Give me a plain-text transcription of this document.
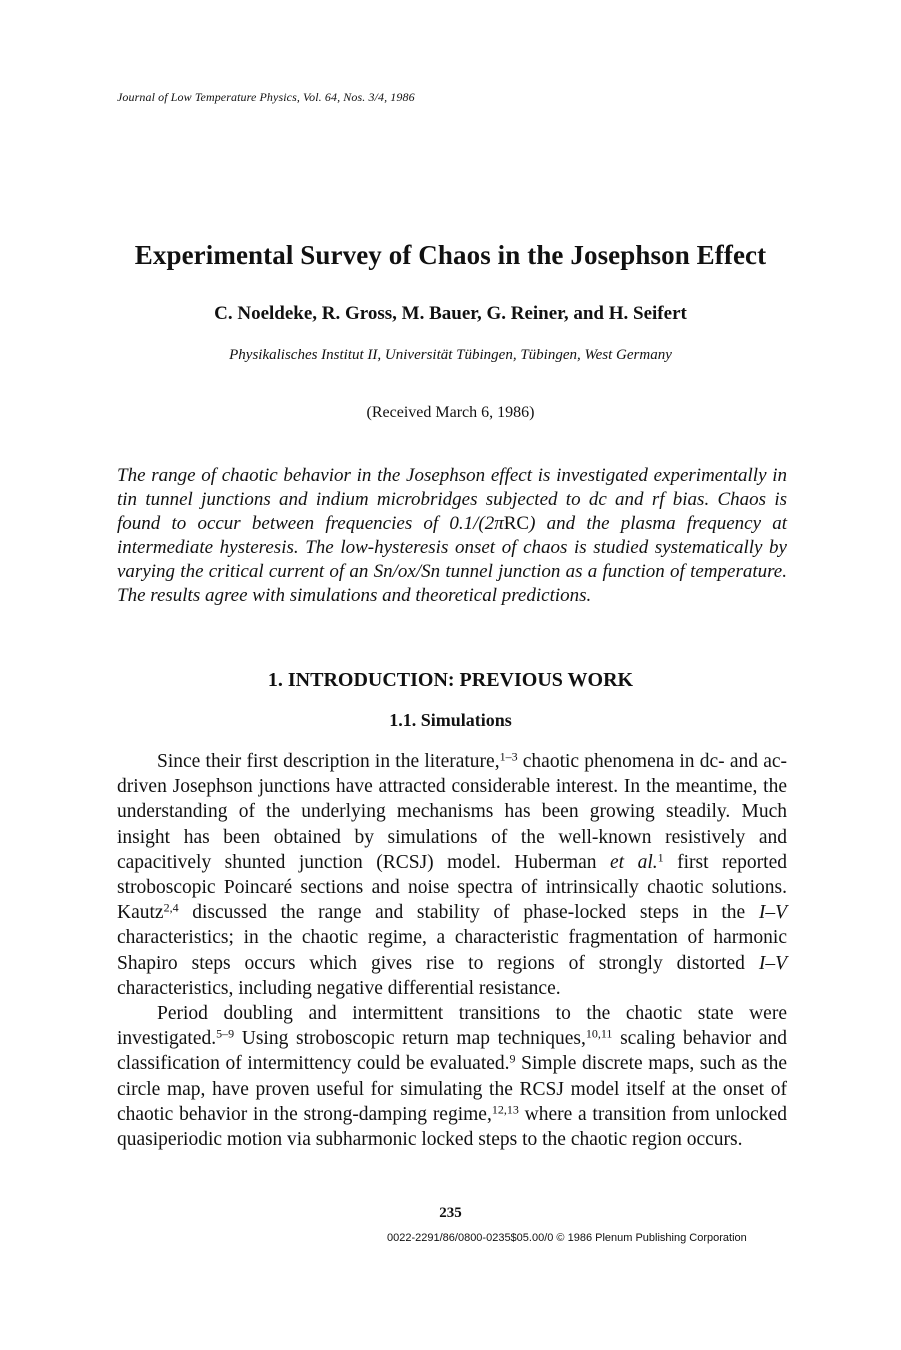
Journal of Low Temperature Physics, Vol. 64, Nos. 3/4, 1986
Experimental Survey of Chaos in the Josephson Effect
C. Noeldeke, R. Gross, M. Bauer, G. Reiner, and H. Seifert
Physikalisches Institut II, Universität Tübingen, Tübingen, West Germany
(Received March 6, 1986)
The range of chaotic behavior in the Josephson effect is investigated experimentally in tin tunnel junctions and indium microbridges subjected to dc and rf bias. Chaos is found to occur between frequencies of 0.1/(2πRC) and the plasma frequency at intermediate hysteresis. The low-hysteresis onset of chaos is studied systematically by varying the critical current of an Sn/ox/Sn tunnel junction as a function of temperature. The results agree with simulations and theoretical predictions.
1. INTRODUCTION: PREVIOUS WORK
1.1. Simulations

Since their first description in the literature,$^{1-3}$ chaotic phenomena in dc- and ac-driven Josephson junctions have attracted considerable interest. In the meantime, the understanding of the underlying mechanisms has been growing steadily. Much insight has been obtained by simulations of the well-known resistively and capacitively shunted junction (RCSJ) model. Huberman et al.$^1$ first reported stroboscopic Poincaré sections and noise spectra of intrinsically chaotic solutions. Kautz$^{2,4}$ discussed the range and stability of phase-locked steps in the I–V characteristics; in the chaotic regime, a characteristic fragmentation of harmonic Shapiro steps occurs which gives rise to regions of strongly distorted I–V characteristics, including negative differential resistance.

Period doubling and intermittent transitions to the chaotic state were investigated.$^{5-9}$ Using stroboscopic return map techniques,$^{10,11}$ scaling behavior and classification of intermittency could be evaluated.$^9$ Simple discrete maps, such as the circle map, have proven useful for simulating the RCSJ model itself at the onset of chaotic behavior in the strong-damping regime,$^{12,13}$ where a transition from unlocked quasiperiodic motion via subharmonic locked steps to the chaotic region occurs.

235
0022-2291/86/0800-0235$05.00/0 © 1986 Plenum Publishing Corporation
